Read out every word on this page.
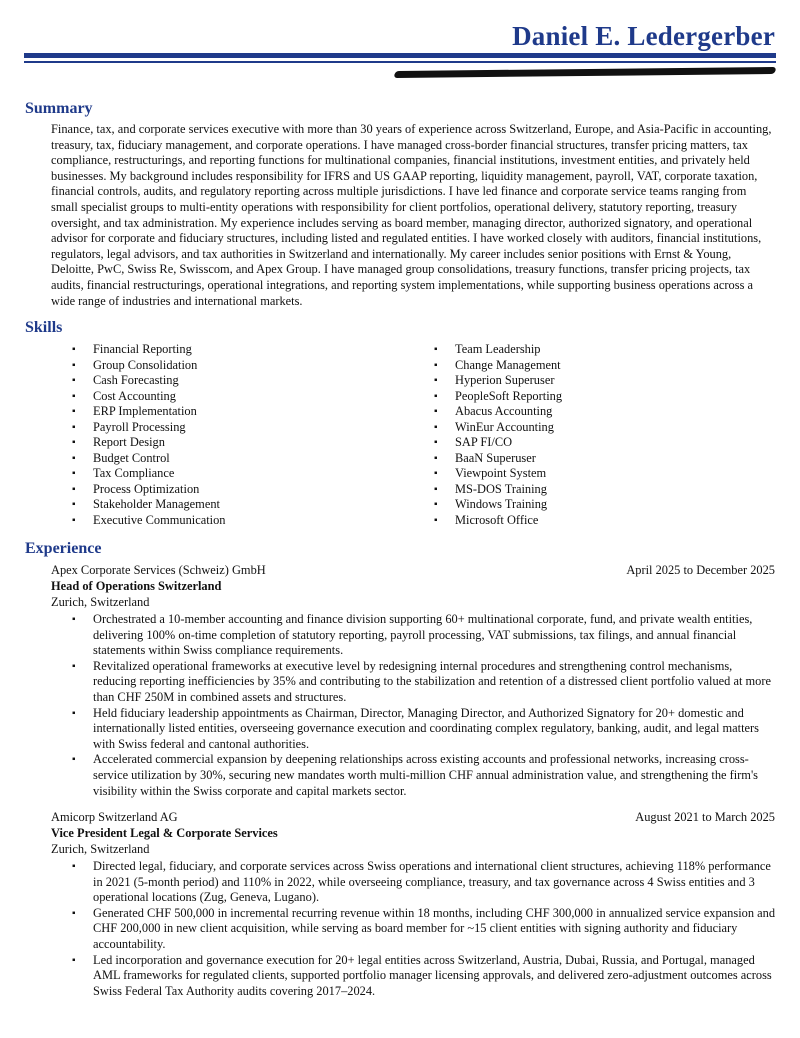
Daniel E. Ledergerber
Summary
Finance, tax, and corporate services executive with more than 30 years of experience across Switzerland, Europe, and Asia-Pacific in accounting, treasury, tax, fiduciary management, and corporate operations. I have managed cross-border financial structures, transfer pricing matters, tax compliance, restructurings, and reporting functions for multinational companies, financial institutions, investment entities, and privately held businesses. My background includes responsibility for IFRS and US GAAP reporting, liquidity management, payroll, VAT, corporate taxation, financial controls, audits, and regulatory reporting across multiple jurisdictions. I have led finance and corporate service teams ranging from small specialist groups to multi-entity operations with responsibility for client portfolios, operational delivery, statutory reporting, treasury oversight, and tax administration. My experience includes serving as board member, managing director, authorized signatory, and operational advisor for corporate and fiduciary structures, including listed and regulated entities. I have worked closely with auditors, financial institutions, regulators, legal advisors, and tax authorities in Switzerland and internationally. My career includes senior positions with Ernst & Young, Deloitte, PwC, Swiss Re, Swisscom, and Apex Group. I have managed group consolidations, treasury functions, transfer pricing projects, tax audits, financial restructurings, operational integrations, and reporting system implementations, while supporting business operations across a wide range of industries and international markets.
Skills
▪ Financial Reporting
▪ Group Consolidation
▪ Cash Forecasting
▪ Cost Accounting
▪ ERP Implementation
▪ Payroll Processing
▪ Report Design
▪ Budget Control
▪ Tax Compliance
▪ Process Optimization
▪ Stakeholder Management
▪ Executive Communication
▪ Team Leadership
▪ Change Management
▪ Hyperion Superuser
▪ PeopleSoft Reporting
▪ Abacus Accounting
▪ WinEur Accounting
▪ SAP FI/CO
▪ BaaN Superuser
▪ Viewpoint System
▪ MS-DOS Training
▪ Windows Training
▪ Microsoft Office
Experience
Apex Corporate Services (Schweiz) GmbH	April 2025 to December 2025
Head of Operations Switzerland
Zurich, Switzerland
▪ Orchestrated a 10-member accounting and finance division supporting 60+ multinational corporate, fund, and private wealth entities, delivering 100% on-time completion of statutory reporting, payroll processing, VAT submissions, tax filings, and annual financial statements within Swiss compliance requirements.
▪ Revitalized operational frameworks at executive level by redesigning internal procedures and strengthening control mechanisms, reducing reporting inefficiencies by 35% and contributing to the stabilization and retention of a distressed client portfolio valued at more than CHF 250M in combined assets and structures.
▪ Held fiduciary leadership appointments as Chairman, Director, Managing Director, and Authorized Signatory for 20+ domestic and internationally listed entities, overseeing governance execution and coordinating complex regulatory, banking, audit, and legal matters with Swiss federal and cantonal authorities.
▪ Accelerated commercial expansion by deepening relationships across existing accounts and professional networks, increasing cross-service utilization by 30%, securing new mandates worth multi-million CHF annual administration value, and strengthening the firm's visibility within the Swiss corporate and capital markets sector.
Amicorp Switzerland AG	August 2021 to March 2025
Vice President Legal & Corporate Services
Zurich, Switzerland
▪ Directed legal, fiduciary, and corporate services across Swiss operations and international client structures, achieving 118% performance in 2021 (5-month period) and 110% in 2022, while overseeing compliance, treasury, and tax governance across 4 Swiss entities and 3 operational locations (Zug, Geneva, Lugano).
▪ Generated CHF 500,000 in incremental recurring revenue within 18 months, including CHF 300,000 in annualized service expansion and CHF 200,000 in new client acquisition, while serving as board member for ~15 client entities with signing authority and fiduciary accountability.
▪ Led incorporation and governance execution for 20+ legal entities across Switzerland, Austria, Dubai, Russia, and Portugal, managed AML frameworks for regulated clients, supported portfolio manager licensing approvals, and delivered zero-adjustment outcomes across Swiss Federal Tax Authority audits covering 2017–2024.
